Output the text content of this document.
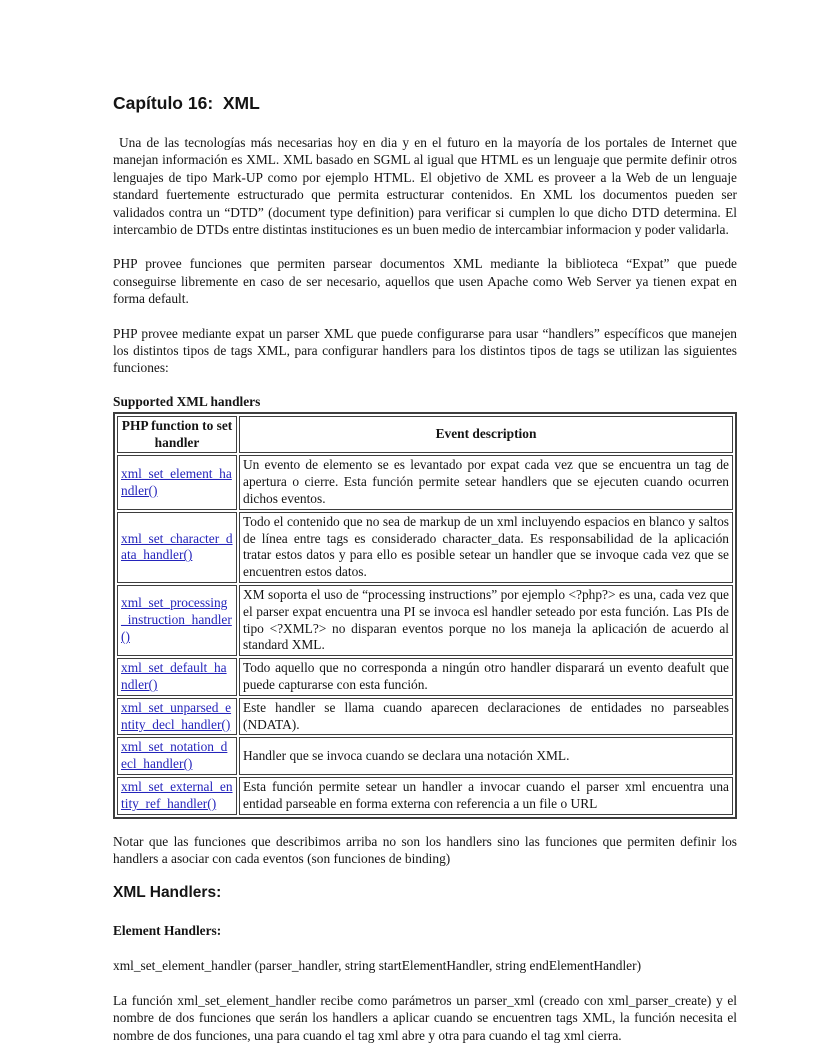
Capítulo 16:  XML

Una de las tecnologías más necesarias hoy en dia y en el futuro en la mayoría de los portales de Internet que manejan información es XML. XML basado en SGML al igual que HTML es un lenguaje que permite definir otros lenguajes de tipo Mark-UP como por ejemplo HTML. El objetivo de XML es proveer a la Web de un lenguaje standard fuertemente estructurado que permita estructurar contenidos. En XML los documentos pueden ser validados contra un “DTD” (document type definition) para verificar si cumplen lo que dicho DTD determina. El intercambio de DTDs entre distintas instituciones es un buen medio de intercambiar informacion y poder validarla.

PHP provee funciones que permiten parsear documentos XML mediante la biblioteca “Expat” que puede conseguirse libremente en caso de ser necesario, aquellos que usen Apache como Web Server ya tienen expat en forma default.

PHP provee mediante expat un parser XML que puede configurarse para usar “handlers” específicos que manejen los distintos tipos de tags XML, para configurar handlers para los distintos tipos de tags se utilizan las siguientes funciones:

Supported XML handlers
PHP function to set handler	Event description
xml_set_element_handler()	Un evento de elemento se es levantado por expat cada vez que se encuentra un tag de apertura o cierre. Esta función permite setear handlers que se ejecuten cuando ocurren dichos eventos.
xml_set_character_data_handler()	Todo el contenido que no sea de markup de un xml incluyendo espacios en blanco y saltos de línea entre tags es considerado character_data. Es responsabilidad de la aplicación tratar estos datos y para ello es posible setear un handler que se invoque cada vez que se encuentren estos datos.
xml_set_processing_instruction_handler()	XM soporta el uso de “processing instructions” por ejemplo <?php?> es una, cada vez que el parser expat encuentra una PI se invoca esl handler seteado por esta función. Las PIs de tipo <?XML?> no disparan eventos porque no los maneja la aplicación de acuerdo al standard XML.
xml_set_default_handler()	Todo aquello que no corresponda a ningún otro handler disparará un evento deafult que puede capturarse con esta función.
xml_set_unparsed_entity_decl_handler()	Este handler se llama cuando aparecen declaraciones de entidades no parseables (NDATA).
xml_set_notation_decl_handler()	Handler que se invoca cuando se declara una notación XML.
xml_set_external_entity_ref_handler()	Esta función permite setear un handler a invocar cuando el parser xml encuentra una entidad parseable en forma externa con referencia a un file o URL

Notar que las funciones que describimos arriba no son los handlers sino las funciones que permiten definir los handlers a asociar con cada eventos (son funciones de binding)

XML Handlers:
Element Handlers:

xml_set_element_handler (parser_handler, string startElementHandler, string endElementHandler)

La función xml_set_element_handler recibe como parámetros un parser_xml (creado con xml_parser_create) y el nombre de dos funciones que serán los handlers a aplicar cuando se encuentren tags XML, la función necesita el nombre de dos funciones, una para cuando el tag xml abre y otra para cuando el tag xml cierra.
